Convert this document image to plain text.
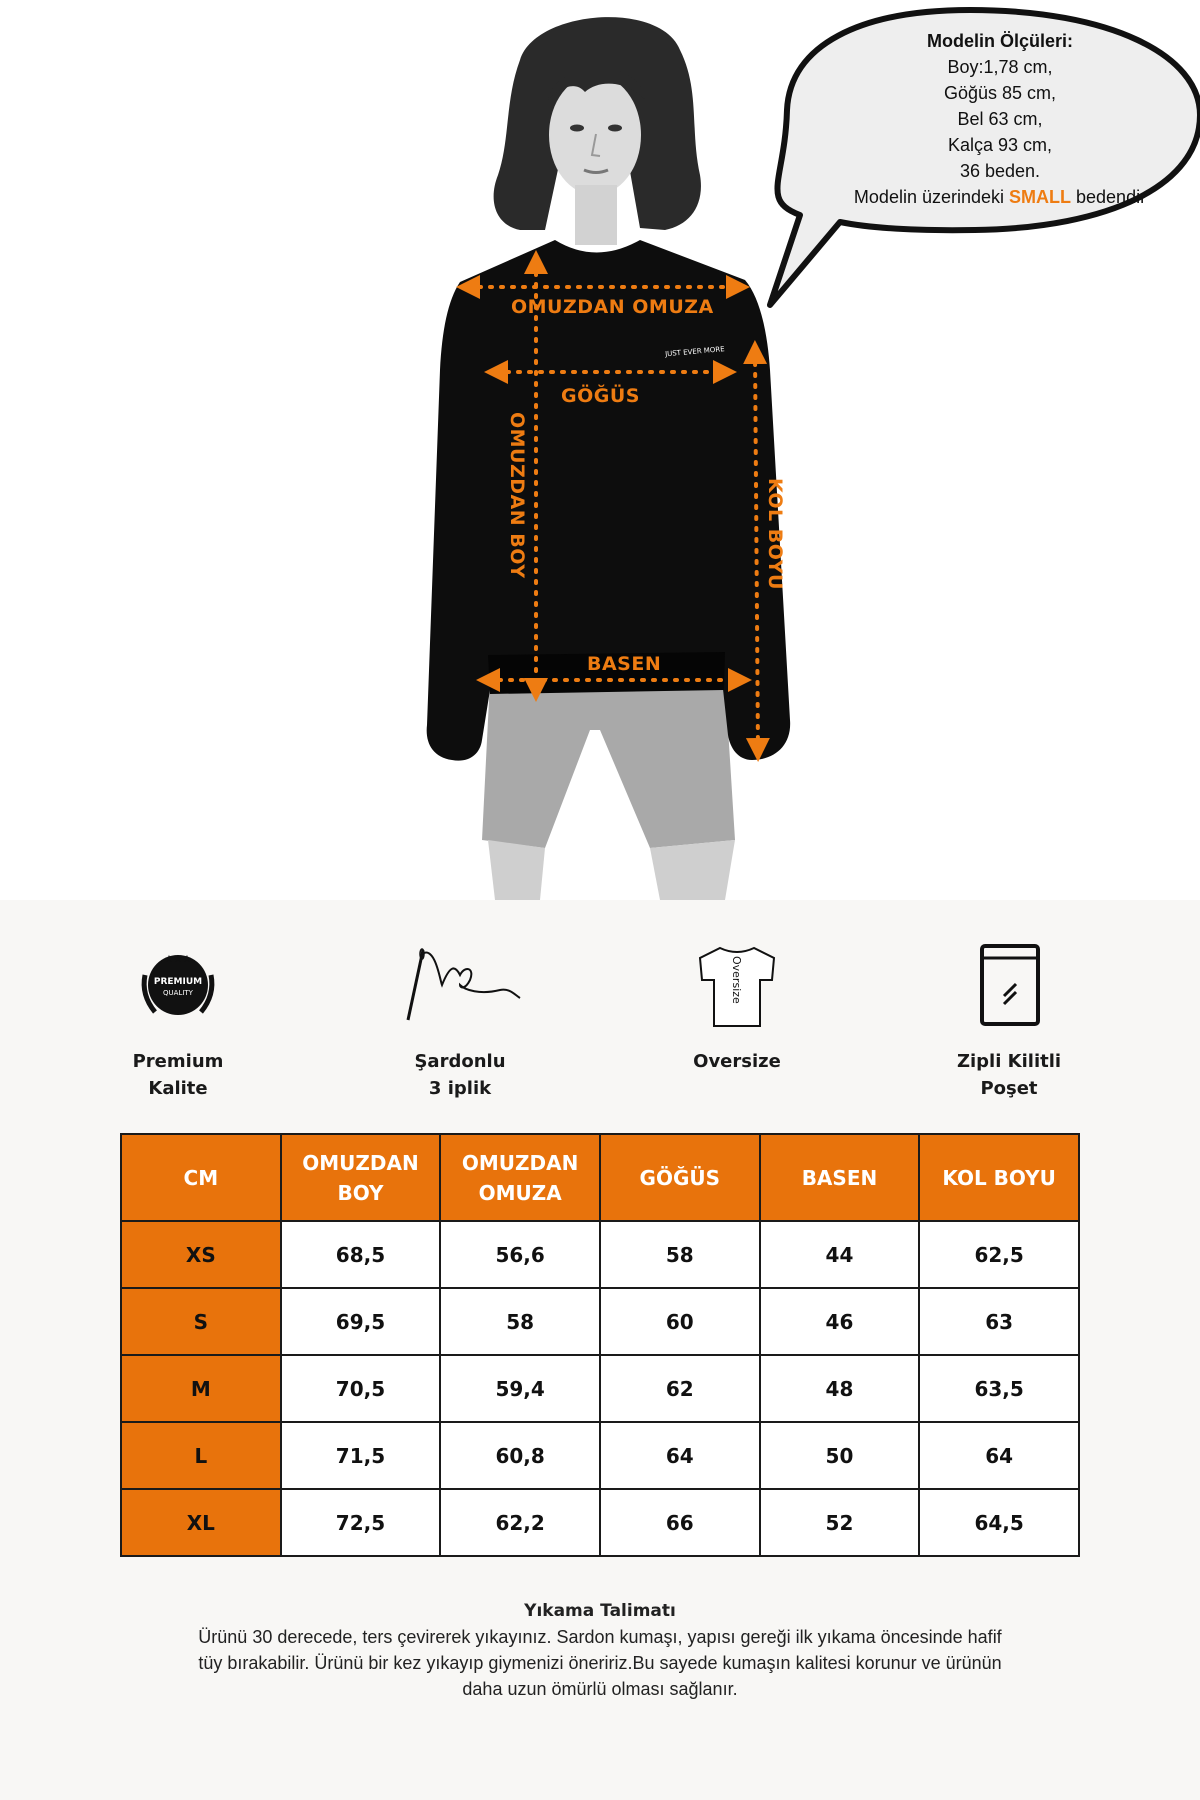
JUST EVER MORE
OMUZDAN OMUZA
GÖĞÜS
OMUZDAN BOY	KOL BOYU
BASEN
Modelin Ölçüleri:
Boy:1,78 cm,
Göğüs 85 cm,
Bel 63 cm,
Kalça 93 cm,
36 beden.
Modelin üzerindeki SMALL bedendir
★★★
PREMIUM
QUALITY
Premium
Kalite
Şardonlu
3 iplik
Oversize
Oversize	Zipli Kilitli
Poşet
CM	OMUZDAN BOY	OMUZDAN OMUZA	GÖĞÜS	BASEN	KOL BOYU
XS	68,5	56,6	58	44	62,5
S	69,5	58	60	46	63
M	70,5	59,4	62	48	63,5
L	71,5	60,8	64	50	64
XL	72,5	62,2	66	52	64,5
Yıkama Talimatı
Ürünü 30 derecede, ters çevirerek yıkayınız. Sardon kumaşı, yapısı gereği ilk yıkama öncesinde hafif
tüy bırakabilir. Ürünü bir kez yıkayıp giymenizi öneririz.Bu sayede kumaşın kalitesi korunur ve ürünün
daha uzun ömürlü olması sağlanır.
